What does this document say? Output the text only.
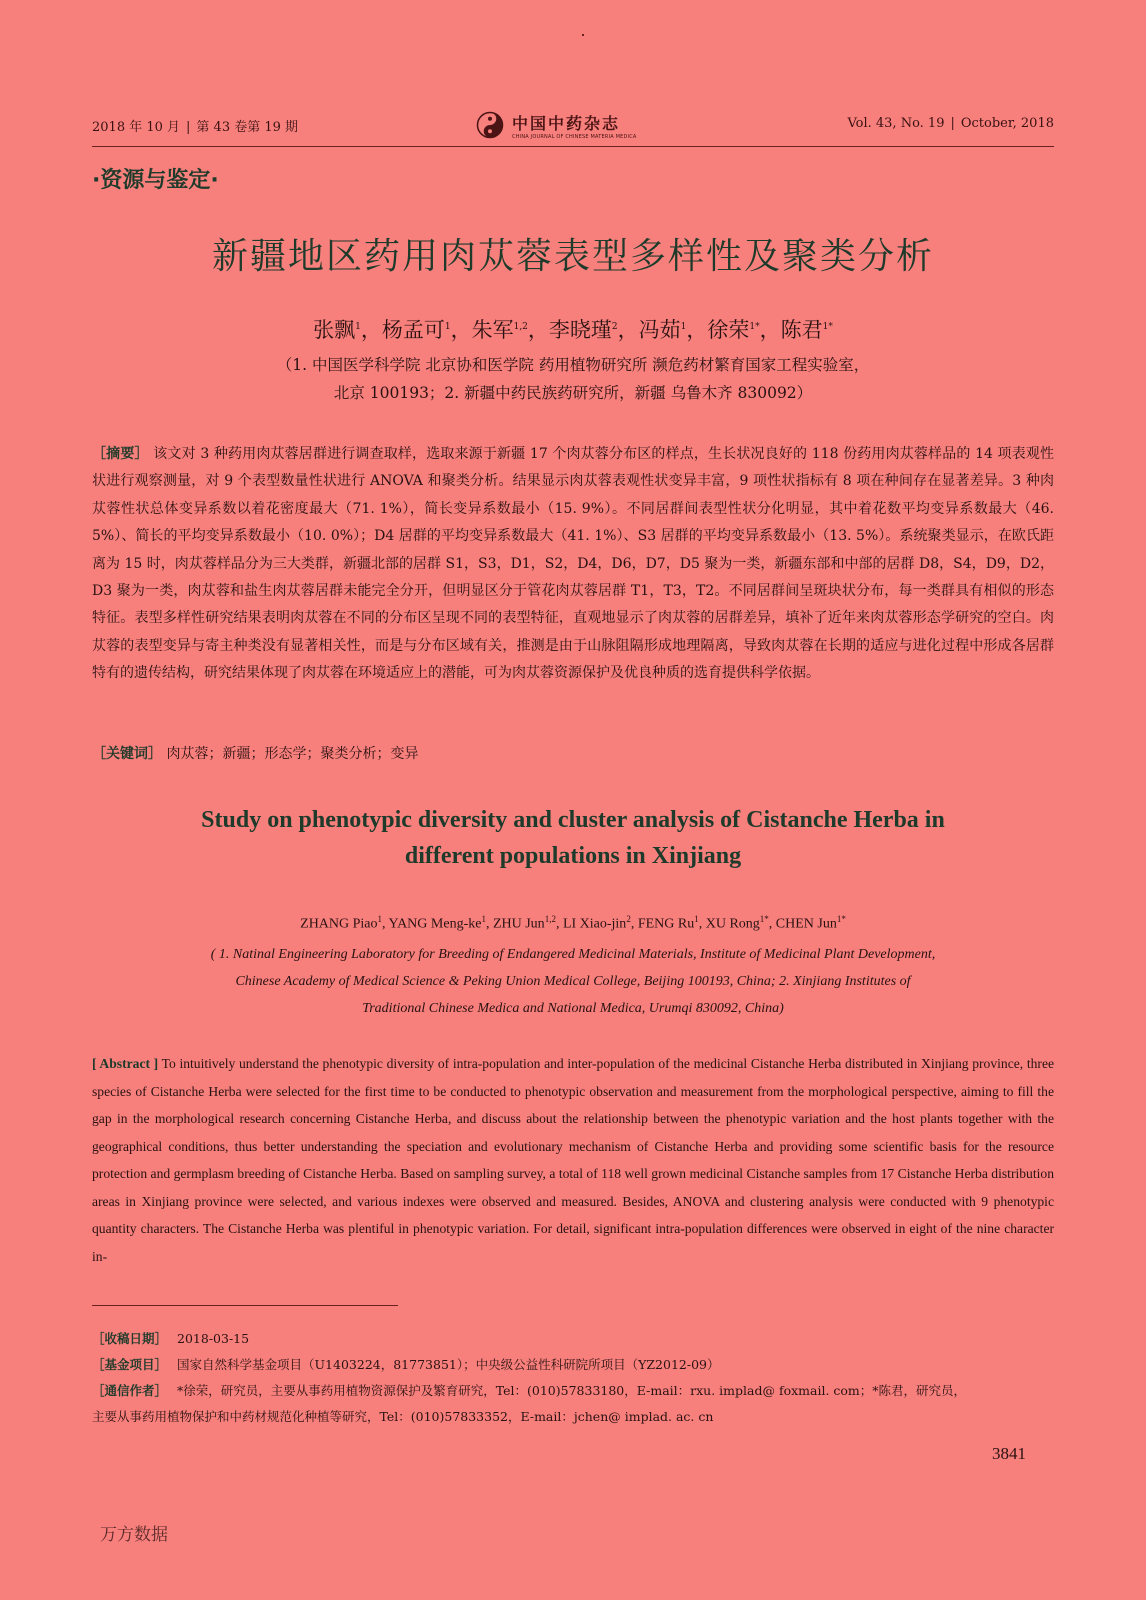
2018 年 10 月 | 第 43 卷第 19 期	中国中药杂志
CHINA JOURNAL OF CHINESE MATERIA MEDICA
Vol. 43, No. 19 | October, 2018
·资源与鉴定·
新疆地区药用肉苁蓉表型多样性及聚类分析
张飘$^1$，杨孟可$^1$，朱军$^{1,2}$，李晓瑾$^2$，冯茹$^1$，徐荣$^{1*}$，陈君$^{1*}$
（1. 中国医学科学院 北京协和医学院 药用植物研究所 濒危药材繁育国家工程实验室，
北京 100193；2. 新疆中药民族药研究所，新疆 乌鲁木齐 830092）
［摘要］ 该文对 3 种药用肉苁蓉居群进行调查取样，选取来源于新疆 17 个肉苁蓉分布区的样点，生长状况良好的 118 份药用肉苁蓉样品的 14 项表观性状进行观察测量，对 9 个表型数量性状进行 ANOVA 和聚类分析。结果显示肉苁蓉表观性状变异丰富，9 项性状指标有 8 项在种间存在显著差异。3 种肉苁蓉性状总体变异系数以着花密度最大（71. 1%），简长变异系数最小（15. 9%）。不同居群间表型性状分化明显，其中着花数平均变异系数最大（46. 5%）、简长的平均变异系数最小（10. 0%）；D4 居群的平均变异系数最大（41. 1%）、S3 居群的平均变异系数最小（13. 5%）。系统聚类显示，在欧氏距离为 15 时，肉苁蓉样品分为三大类群，新疆北部的居群 S1，S3，D1，S2，D4，D6，D7，D5 聚为一类，新疆东部和中部的居群 D8，S4，D9，D2，D3 聚为一类，肉苁蓉和盐生肉苁蓉居群未能完全分开，但明显区分于管花肉苁蓉居群 T1，T3，T2。不同居群间呈斑块状分布，每一类群具有相似的形态特征。表型多样性研究结果表明肉苁蓉在不同的分布区呈现不同的表型特征，直观地显示了肉苁蓉的居群差异，填补了近年来肉苁蓉形态学研究的空白。肉苁蓉的表型变异与寄主种类没有显著相关性，而是与分布区域有关，推测是由于山脉阻隔形成地理隔离，导致肉苁蓉在长期的适应与进化过程中形成各居群特有的遗传结构，研究结果体现了肉苁蓉在环境适应上的潜能，可为肉苁蓉资源保护及优良种质的选育提供科学依据。
［关键词］ 肉苁蓉；新疆；形态学；聚类分析；变异
Study on phenotypic diversity and cluster analysis of Cistanche Herba in
different populations in Xinjiang
ZHANG Piao$^1$, YANG Meng-$ke^1$, ZHU Jun$^{1,2}$, LI Xiao-jin$^2$, FENG Ru$^1$, XU Rong$^{1*}$, CHEN Jun$^{1*}$
( 1. Natinal Engineering Laboratory for Breeding of Endangered Medicinal Materials, Institute of Medicinal Plant Development,
Chinese Academy of Medical Science & Peking Union Medical College, Beijing 100193, China; 2. Xinjiang Institutes of
Traditional Chinese Medica and National Medica, Urumqi 830092, China)
[ Abstract ] To intuitively understand the phenotypic diversity of intra-population and inter-population of the medicinal Cistanche Herba distributed in Xinjiang province, three species of Cistanche Herba were selected for the first time to be conducted to phenotypic observation and measurement from the morphological perspective, aiming to fill the gap in the morphological research concerning Cistanche Herba, and discuss about the relationship between the phenotypic variation and the host plants together with the geographical conditions, thus better understanding the speciation and evolutionary mechanism of Cistanche Herba and providing some scientific basis for the resource protection and germplasm breeding of Cistanche Herba. Based on sampling survey, a total of 118 well grown medicinal Cistanche samples from 17 Cistanche Herba distribution areas in Xinjiang province were selected, and various indexes were observed and measured. Besides, ANOVA and clustering analysis were conducted with 9 phenotypic quantity characters. The Cistanche Herba was plentiful in phenotypic variation. For detail, significant intra-population differences were observed in eight of the nine character in-
［收稿日期］ 2018-03-15
［基金项目］ 国家自然科学基金项目（U1403224，81773851）；中央级公益性科研院所项目（YZ2012-09）
［通信作者］ *徐荣，研究员，主要从事药用植物资源保护及繁育研究，Tel：(010)57833180，E-mail：rxu. implad@ foxmail. com；*陈君，研究员，
主要从事药用植物保护和中药材规范化种植等研究，Tel：(010)57833352，E-mail：jchen@ implad. ac. cn
3841
万方数据
